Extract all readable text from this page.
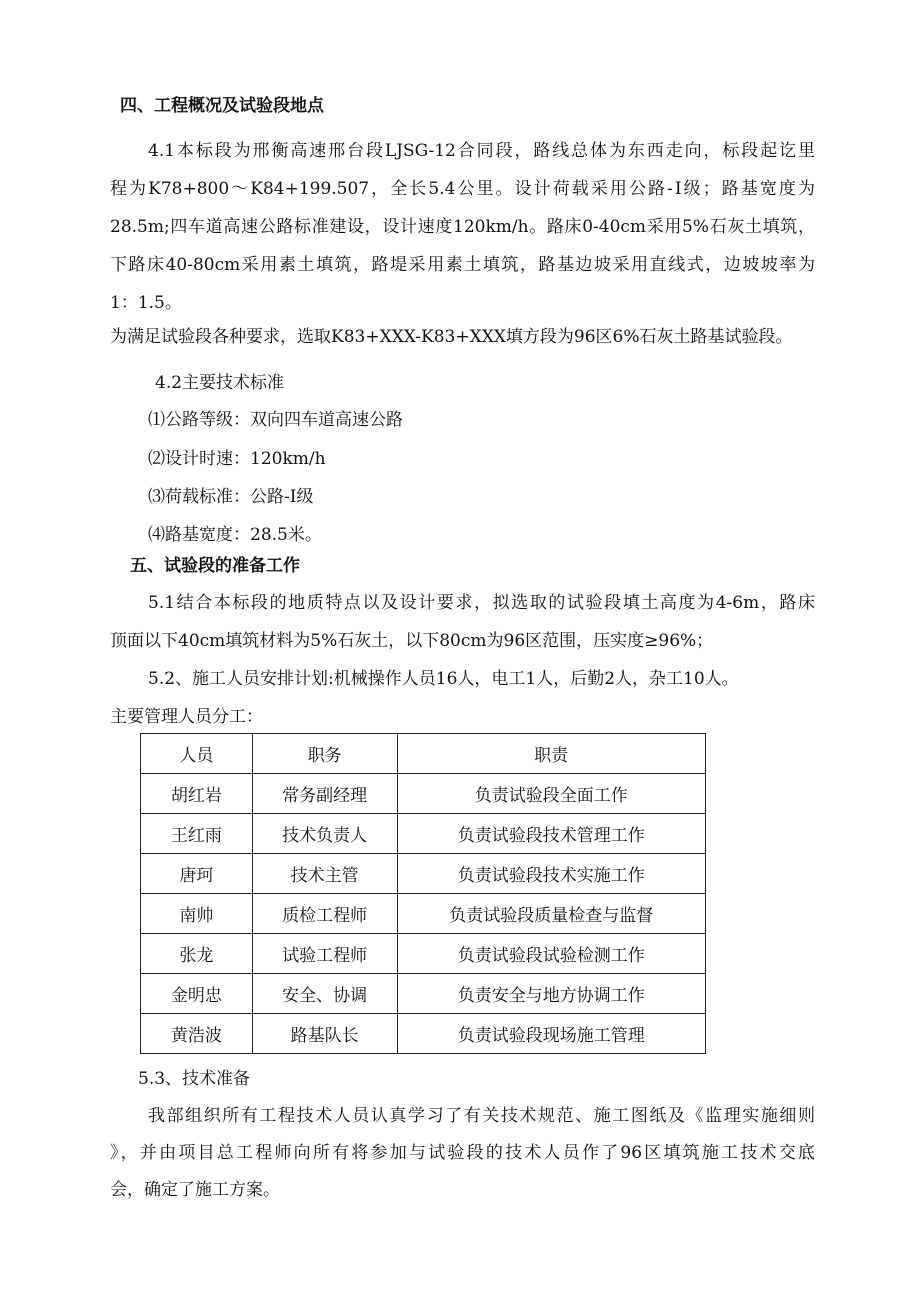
四、工程概况及试验段地点
4.1本标段为邢衡高速邢台段LJSG-12合同段，路线总体为东西走向，标段起讫里
程为K78+800～K84+199.507，全长5.4公里。设计荷载采用公路-Ⅰ级；路基宽度为
28.5m;四车道高速公路标准建设，设计速度120km/h。路床0-40cm采用5%石灰土填筑，
下路床40-80cm采用素土填筑，路堤采用素土填筑，路基边坡采用直线式，边坡坡率为
1：1.5。
为满足试验段各种要求，选取K83+XXX-K83+XXX填方段为96区6%石灰土路基试验段。
4.2主要技术标准
⑴公路等级：双向四车道高速公路
⑵设计时速：120km/h
⑶荷载标准：公路-Ⅰ级
⑷路基宽度：28.5米。
五、试验段的准备工作
5.1结合本标段的地质特点以及设计要求，拟选取的试验段填土高度为4-6m，路床
顶面以下40cm填筑材料为5%石灰土，以下80cm为96区范围，压实度≥96%；
5.2、施工人员安排计划:机械操作人员16人，电工1人，后勤2人，杂工10人。
主要管理人员分工：
人员	职务	职责
胡红岩	常务副经理	负责试验段全面工作
王红雨	技术负责人	负责试验段技术管理工作
唐珂	技术主管	负责试验段技术实施工作
南帅	质检工程师	负责试验段质量检查与监督
张龙	试验工程师	负责试验段试验检测工作
金明忠	安全、协调	负责安全与地方协调工作
黄浩波	路基队长	负责试验段现场施工管理
5.3、技术准备
我部组织所有工程技术人员认真学习了有关技术规范、施工图纸及《监理实施细则
》，并由项目总工程师向所有将参加与试验段的技术人员作了96区填筑施工技术交底
会，确定了施工方案。
